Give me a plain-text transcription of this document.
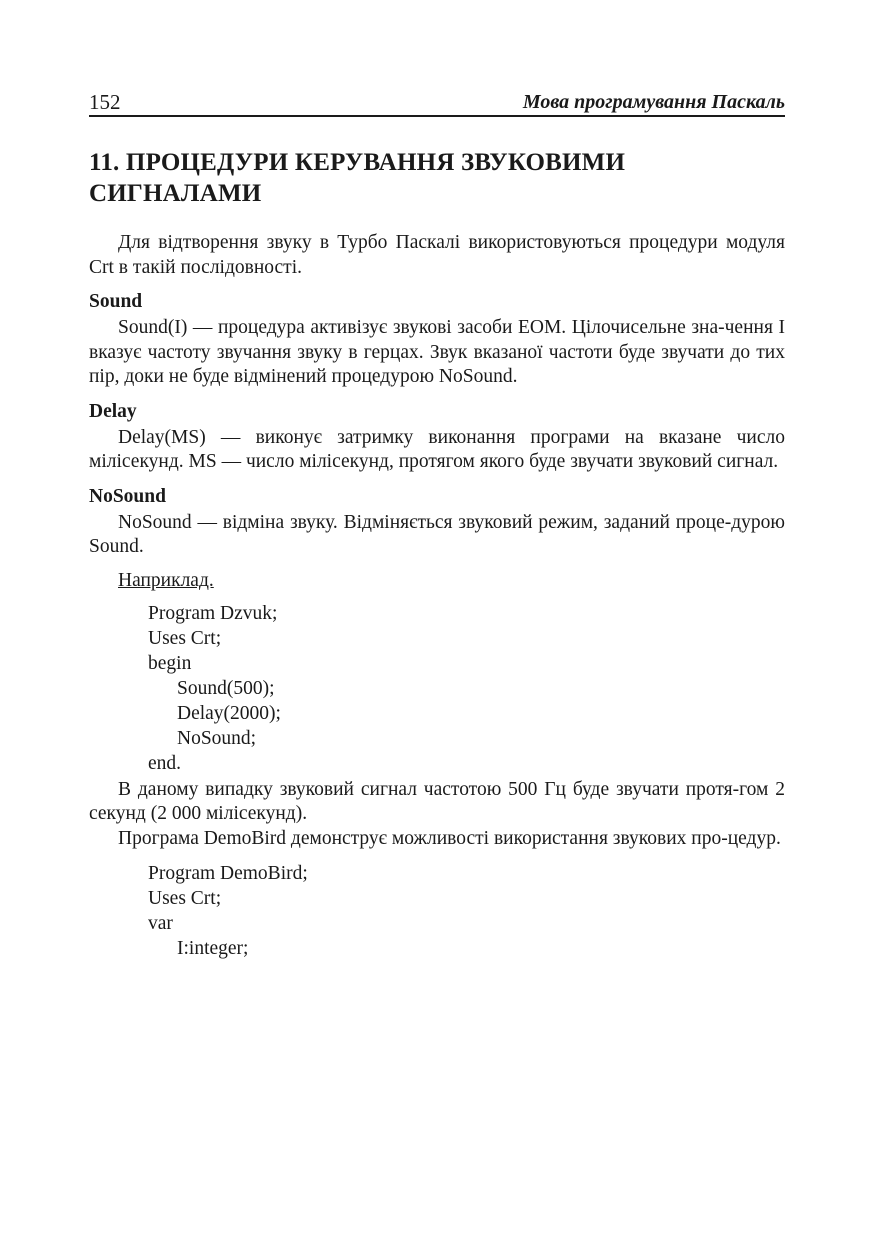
152	Мова програмування Паскаль
11. ПРОЦЕДУРИ КЕРУВАННЯ ЗВУКОВИМИ СИГНАЛАМИ

Для відтворення звуку в Турбо Паскалі використовуються процедури модуля Crt в такій послідовності.

Sound

Sound(I) — процедура активізує звукові засоби ЕОМ. Цілочисельне зна-чення I вказує частоту звучання звуку в герцах. Звук вказаної частоти буде звучати до тих пір, доки не буде відмінений процедурою NoSound.

Delay

Delay(MS) — виконує затримку виконання програми на вказане число мілісекунд. MS — число мілісекунд, протягом якого буде звучати звуковий сигнал.

NoSound

NoSound — відміна звуку. Відміняється звуковий режим, заданий проце-дурою Sound.

Наприклад.
Program Dzvuk;
Uses Crt;
begin
Sound(500);
Delay(2000);
NoSound;
end.

В даному випадку звуковий сигнал частотою 500 Гц буде звучати протя-гом 2 секунд (2 000 мілісекунд).

Програма DemoBird демонструє можливості використання звукових про-цедур.

Program DemoBird;
Uses Crt;
var
I:integer;
